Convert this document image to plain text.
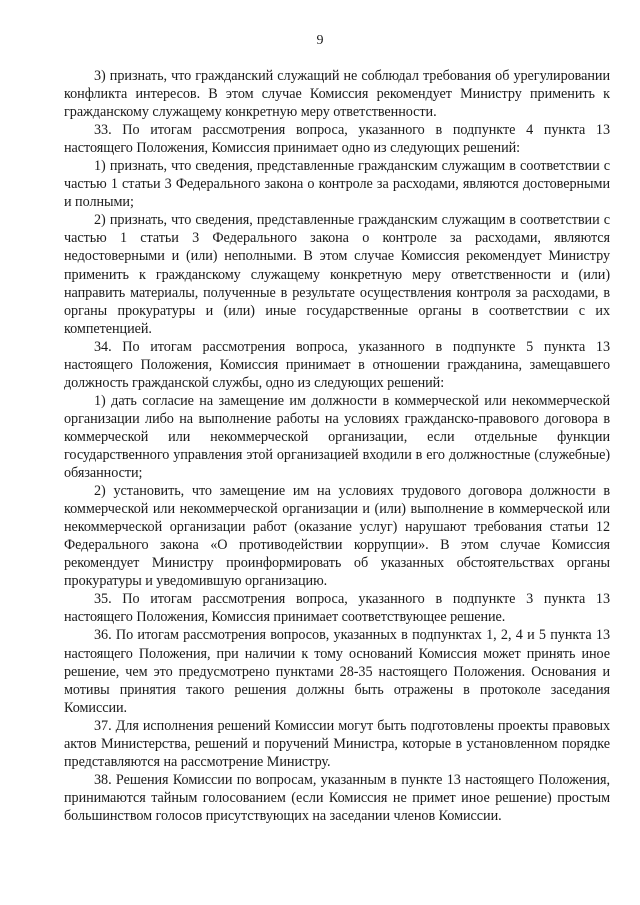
9

3) признать, что гражданский служащий не соблюдал требования об урегулировании конфликта интересов. В этом случае Комиссия рекомендует Министру применить к гражданскому служащему конкретную меру ответственности.

33. По итогам рассмотрения вопроса, указанного в подпункте 4 пункта 13 настоящего Положения, Комиссия принимает одно из следующих решений:

1) признать, что сведения, представленные гражданским служащим в соответствии с частью 1 статьи 3 Федерального закона о контроле за расходами, являются достоверными и полными;

2) признать, что сведения, представленные гражданским служащим в соответствии с частью 1 статьи 3 Федерального закона о контроле за расходами, являются недостоверными и (или) неполными. В этом случае Комиссия рекомендует Министру применить к гражданскому служащему конкретную меру ответственности и (или) направить материалы, полученные в результате осуществления контроля за расходами, в органы прокуратуры и (или) иные государственные органы в соответствии с их компетенцией.

34. По итогам рассмотрения вопроса, указанного в подпункте 5 пункта 13 настоящего Положения, Комиссия принимает в отношении гражданина, замещавшего должность гражданской службы, одно из следующих решений:

1) дать согласие на замещение им должности в коммерческой или некоммерческой организации либо на выполнение работы на условиях гражданско-правового договора в коммерческой или некоммерческой организации, если отдельные функции государственного управления этой организацией входили в его должностные (служебные) обязанности;

2) установить, что замещение им на условиях трудового договора должности в коммерческой или некоммерческой организации и (или) выполнение в коммерческой или некоммерческой организации работ (оказание услуг) нарушают требования статьи 12 Федерального закона «О противодействии коррупции». В этом случае Комиссия рекомендует Министру проинформировать об указанных обстоятельствах органы прокуратуры и уведомившую организацию.

35. По итогам рассмотрения вопроса, указанного в подпункте 3 пункта 13 настоящего Положения, Комиссия принимает соответствующее решение.

36. По итогам рассмотрения вопросов, указанных в подпунктах 1, 2, 4 и 5 пункта 13 настоящего Положения, при наличии к тому оснований Комиссия может принять иное решение, чем это предусмотрено пунктами 28-35 настоящего Положения. Основания и мотивы принятия такого решения должны быть отражены в протоколе заседания Комиссии.

37. Для исполнения решений Комиссии могут быть подготовлены проекты правовых актов Министерства, решений и поручений Министра, которые в установленном порядке представляются на рассмотрение Министру.

38. Решения Комиссии по вопросам, указанным в пункте 13 настоящего Положения, принимаются тайным голосованием (если Комиссия не примет иное решение) простым большинством голосов присутствующих на заседании членов Комиссии.
